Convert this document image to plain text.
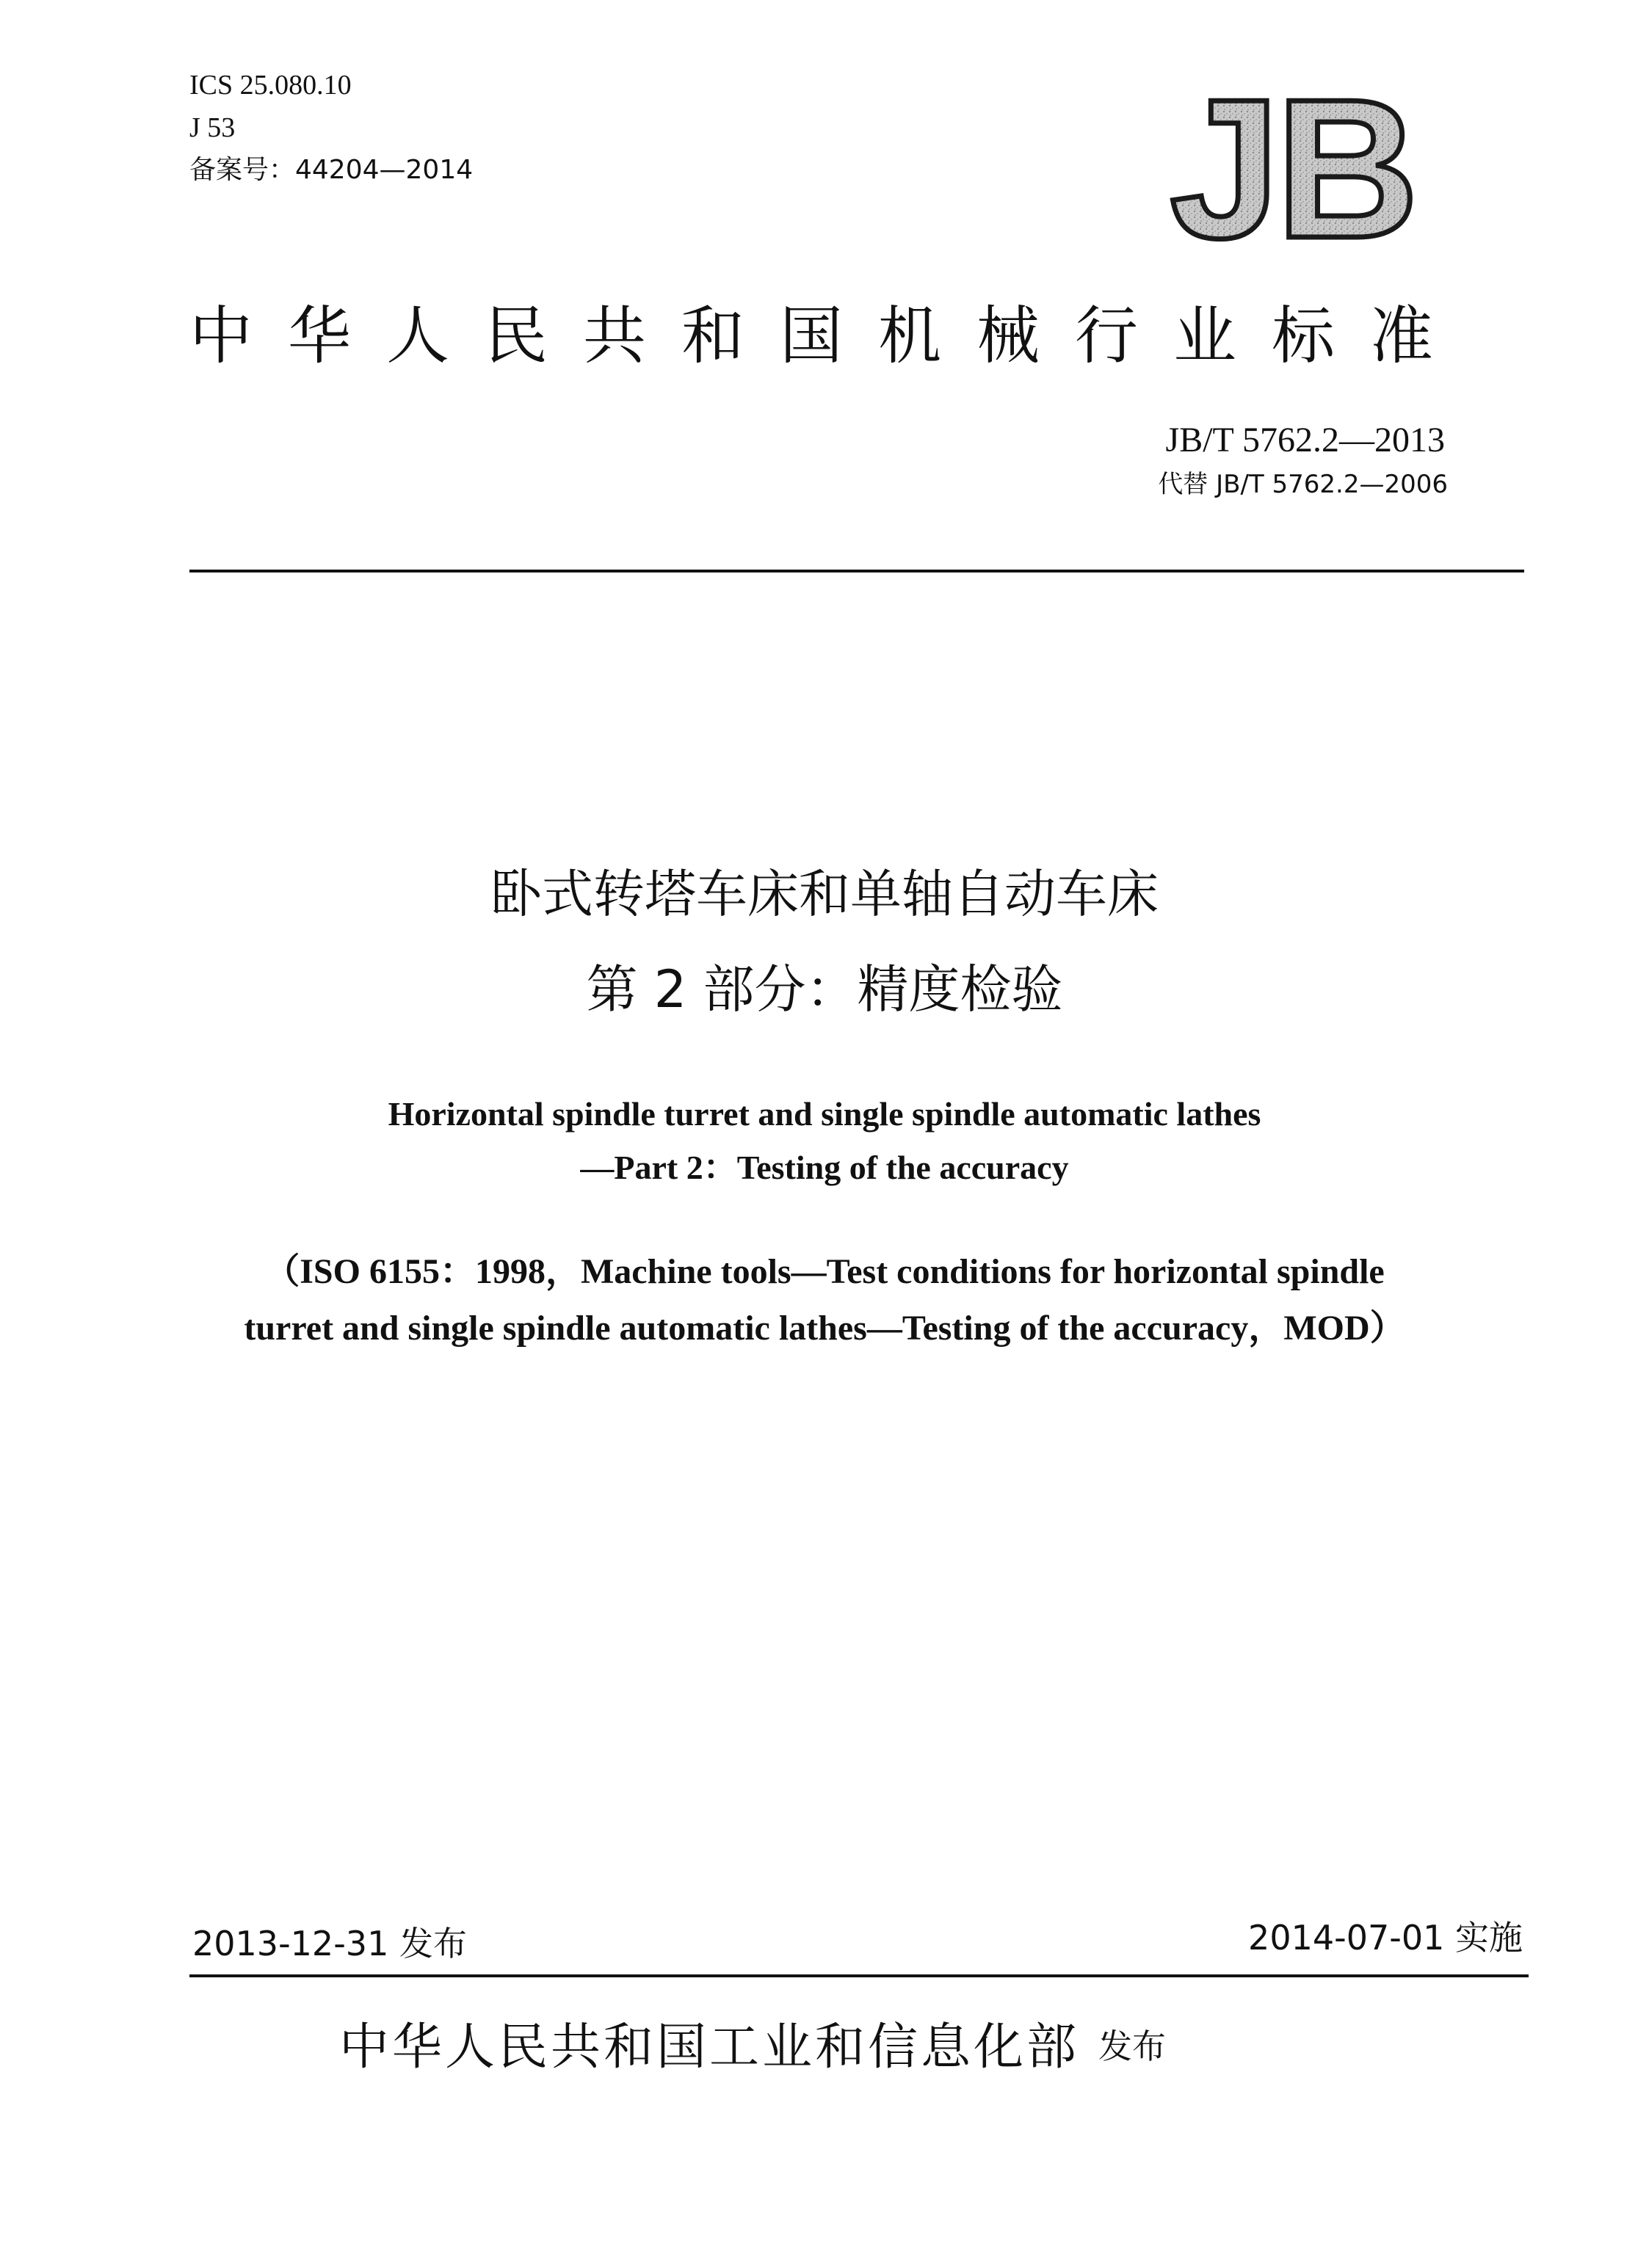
ICS 25.080.10
J 53
备案号：44204—2014	JB
中华人民共和国机械行业标准
JB/T 5762.2—2013
代替 JB/T 5762.2—2006
卧式转塔车床和单轴自动车床
第 2 部分：精度检验
Horizontal spindle turret and single spindle automatic lathes
—Part 2：Testing of the accuracy
（ISO 6155：1998，Machine tools—Test conditions for horizontal spindle
turret and single spindle automatic lathes—Testing of the accuracy，MOD）
2013-12-31 发布	2014-07-01 实施
中华人民共和国工业和信息化部 发布
